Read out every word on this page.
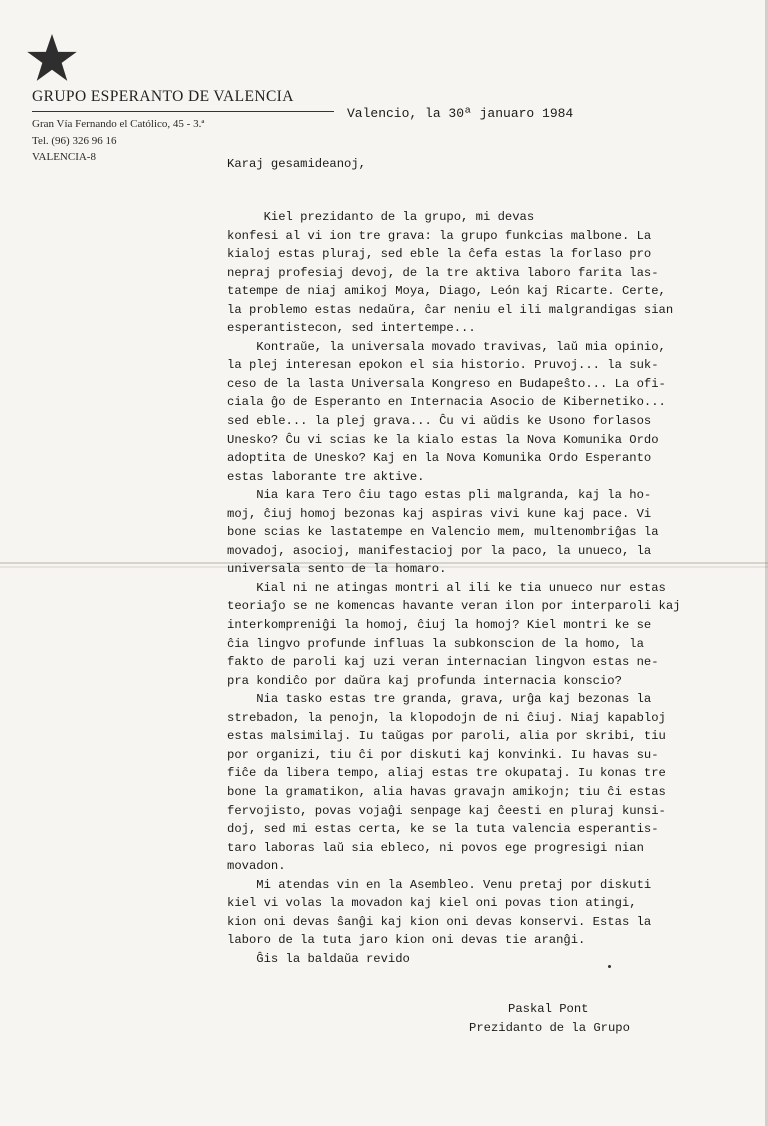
GRUPO ESPERANTO DE VALENCIA
Gran Vía Fernando el Católico, 45 - 3.ª
Tel. (96) 326 96 16
VALENCIA-8
Valencio, la 30ª januaro 1984
Karaj gesamideanoj,
Kiel prezidanto de la grupo, mi devas
konfesi al vi ion tre grava: la grupo funkcias malbone. La
kialoj estas pluraj, sed eble la ĉefa estas la forlaso pro
nepraj profesiaj devoj, de la tre aktiva laboro farita las-
tatempe de niaj amikoj Moya, Diago, León kaj Ricarte. Certe,
la problemo estas nedaŭra, ĉar neniu el ili malgrandigas sian
esperantistecon, sed intertempe...
Kontraŭe, la universala movado travivas, laŭ mia opinio,
la plej interesan epokon el sia historio. Pruvoj... la suk-
ceso de la lasta Universala Kongreso en Budapeŝto... La ofi-
ciala ĝo de Esperanto en Internacia Asocio de Kibernetiko...
sed eble... la plej grava... Ĉu vi aŭdis ke Usono forlasos
Unesko? Ĉu vi scias ke la kialo estas la Nova Komunika Ordo
adoptita de Unesko? Kaj en la Nova Komunika Ordo Esperanto
estas laborante tre aktive.
Nia kara Tero ĉiu tago estas pli malgranda, kaj la ho-
moj, ĉiuj homoj bezonas kaj aspiras vivi kune kaj pace. Vi
bone scias ke lastatempe en Valencio mem, multenombriĝas la
movadoj, asocioj, manifestacioj por la paco, la unueco, la
universala sento de la homaro.
Kial ni ne atingas montri al ili ke tia unueco nur estas
teoriaĵo se ne komencas havante veran ilon por interparoli kaj
interkompreniĝi la homoj, ĉiuj la homoj? Kiel montri ke se
ĉia lingvo profunde influas la subkonscion de la homo, la
fakto de paroli kaj uzi veran internacian lingvon estas ne-
pra kondiĉo por daŭra kaj profunda internacia konscio?
Nia tasko estas tre granda, grava, urĝa kaj bezonas la
strebadon, la penojn, la klopodojn de ni ĉiuj. Niaj kapabloj
estas malsimilaj. Iu taŭgas por paroli, alia por skribi, tiu
por organizi, tiu ĉi por diskuti kaj konvinki. Iu havas su-
fiĉe da libera tempo, aliaj estas tre okupataj. Iu konas tre
bone la gramatikon, alia havas gravajn amikojn; tiu ĉi estas
fervojisto, povas vojaĝi senpage kaj ĉeesti en pluraj kunsi-
doj, sed mi estas certa, ke se la tuta valencia esperantis-
taro laboras laŭ sia ebleco, ni povos ege progresigi nian
movadon.
Mi atendas vin en la Asembleo. Venu pretaj por diskuti
kiel vi volas la movadon kaj kiel oni povas tion atingi,
kion oni devas ŝanĝi kaj kion oni devas konservi. Estas la
laboro de la tuta jaro kion oni devas tie aranĝi.
Ĝis la baldaŭa revido
Paskal Pont
Prezidanto de la Grupo
